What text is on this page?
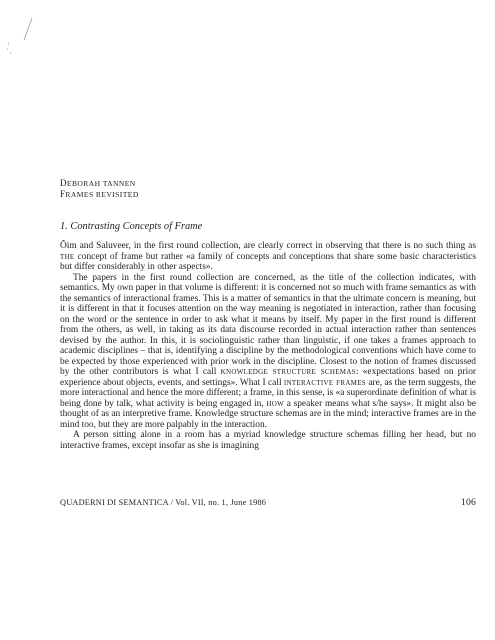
DEBORAH TANNEN

FRAMES REVISITED

1. Contrasting Concepts of Frame

Õim and Saluveer, in the first round collection, are clearly correct in observing that there is no such thing as the concept of frame but rather «a family of concepts and conceptions that share some basic characteristics but differ considerably in other aspects».

The papers in the first round collection are concerned, as the title of the collection indicates, with semantics. My own paper in that volume is different: it is concerned not so much with frame semantics as with the semantics of interactional frames. This is a matter of semantics in that the ultimate concern is meaning, but it is different in that it focuses attention on the way meaning is negotiated in interaction, rather than focusing on the word or the sentence in order to ask what it means by itself. My paper in the first round is different from the others, as well, in taking as its data discourse recorded in actual interaction rather than sentences devised by the author. In this, it is sociolinguistic rather than linguistic, if one takes a frames approach to academic disciplines – that is, identifying a discipline by the methodological conventions which have come to be expected by those experienced with prior work in the discipline. Closest to the notion of frames discussed by the other contributors is what I call knowledge structure schemas: «expectations based on prior experience about objects, events, and settings». What I call interactive frames are, as the term suggests, the more interactional and hence the more different; a frame, in this sense, is «a superordinate definition of what is being done by talk, what activity is being engaged in, how a speaker means what s/he says». It might also be thought of as an interpretive frame. Knowledge structure schemas are in the mind; interactive frames are in the mind too, but they are more palpably in the interaction.

A person sitting alone in a room has a myriad knowledge structure schemas filling her head, but no interactive frames, except insofar as she is imagining

QUADERNI DI SEMANTICA / Vol. VII, no. 1, June 1986	106
